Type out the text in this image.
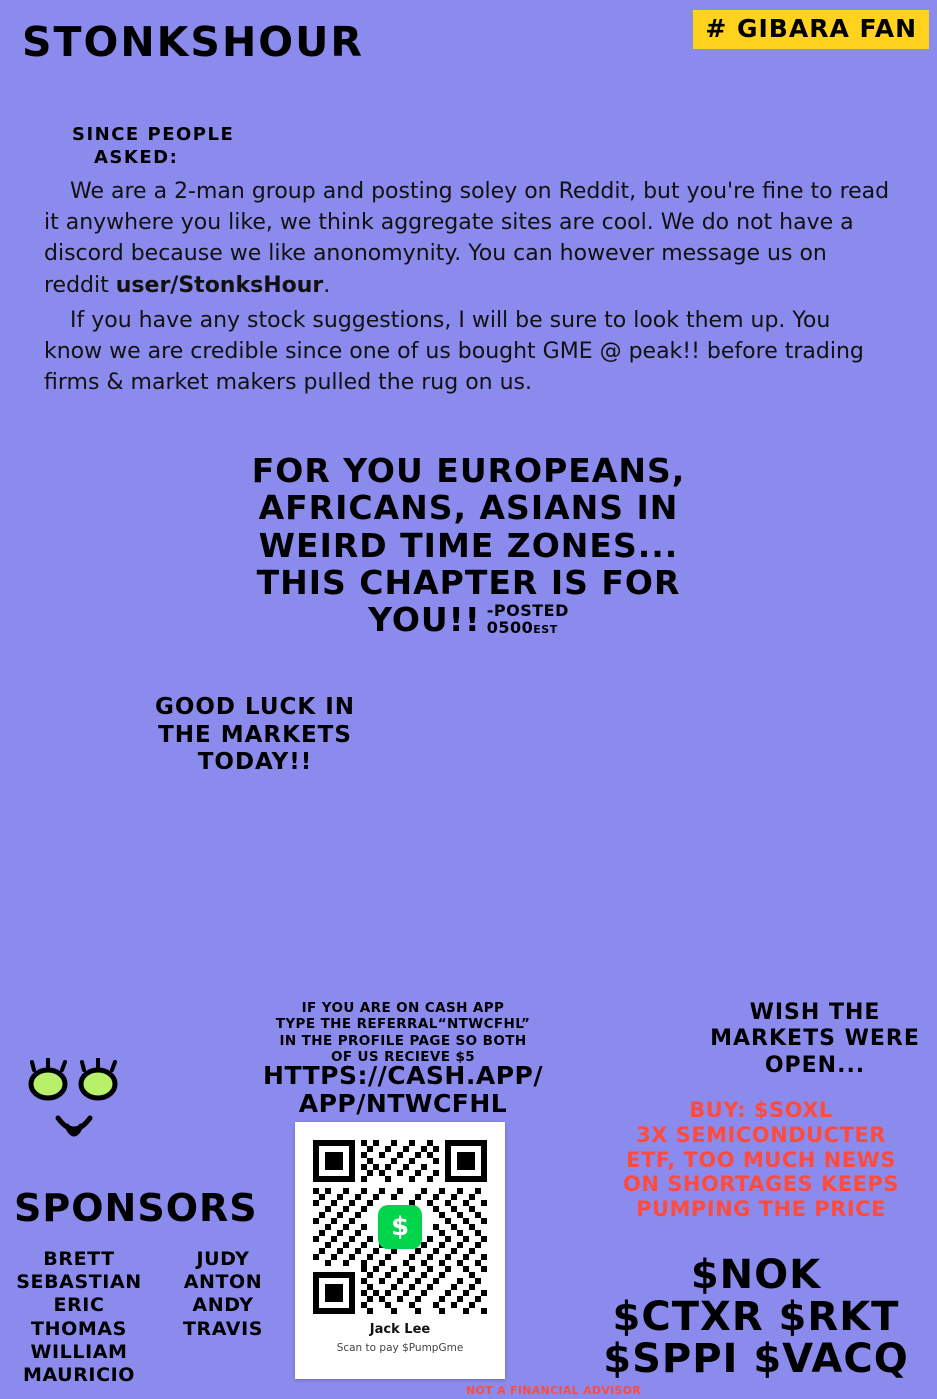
STONKSHOUR	# GIBARA FAN
SINCE PEOPLE
ASKED:

We are a 2-man group and posting soley on Reddit, but you're fine to read it anywhere you like, we think aggregate sites are cool. We do not have a discord because we like anonomynity. You can however message us on reddit user/StonksHour.

If you have any stock suggestions, I will be sure to look them up. You know we are credible since one of us bought GME @ peak!! before trading firms & market makers pulled the rug on us.

FOR YOU EUROPEANS,
AFRICANS, ASIANS IN
WEIRD TIME ZONES...
THIS CHAPTER IS FOR
YOU!! -POSTED
0500EST
GOOD LUCK IN
THE MARKETS
TODAY!!
SPONSORS
BRETT
SEBASTIAN
ERIC
THOMAS
WILLIAM
MAURICIO
JUDY
ANTON
ANDY
TRAVIS
IF YOU ARE ON CASH APP
TYPE THE REFERRAL“NTWCFHL”
IN THE PROFILE PAGE SO BOTH
OF US RECIEVE $5
HTTPS://CASH.APP/
APP/NTWCFHL
$
Jack Lee
Scan to pay $PumpGme
WISH THE
MARKETS WERE
OPEN...
BUY: $SOXL
3X SEMICONDUCTER
ETF, TOO MUCH NEWS
ON SHORTAGES KEEPS
PUMPING THE PRICE
$NOK
$CTXR $RKT
$SPPI $VACQ
NOT A FINANCIAL ADVISOR
